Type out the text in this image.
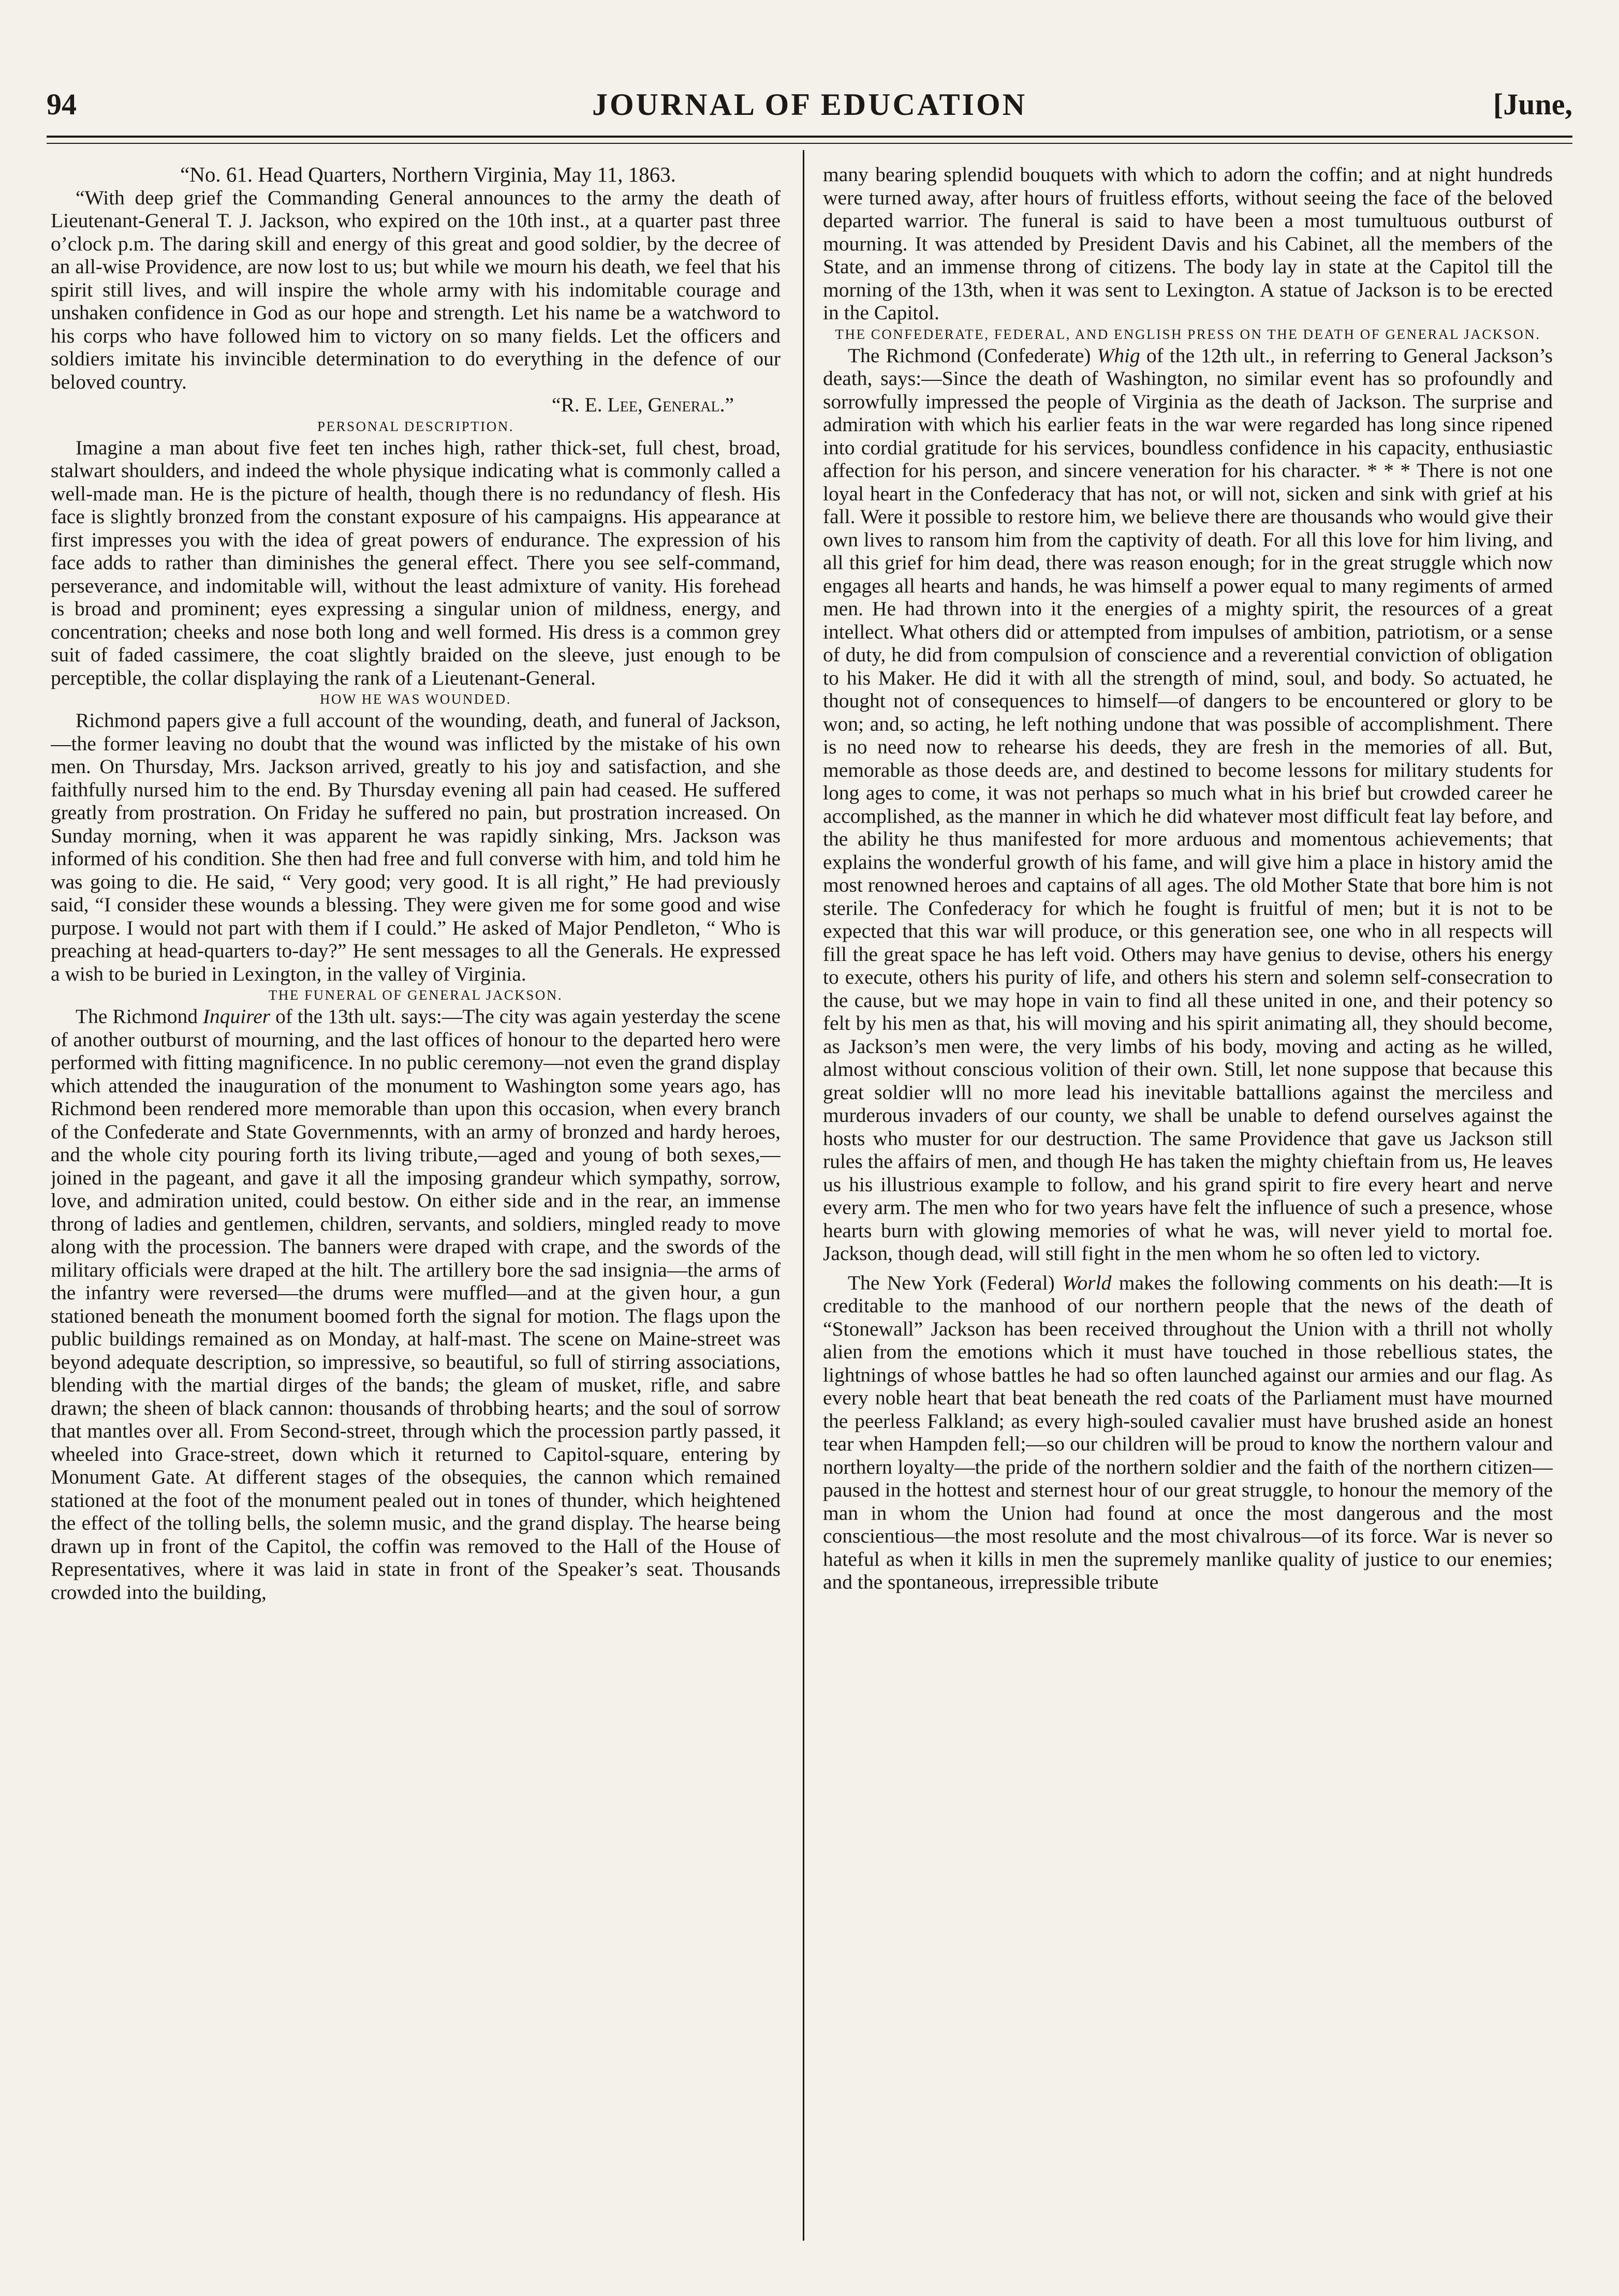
94	JOURNAL OF EDUCATION	[June,

“No. 61. Head Quarters, Northern Virginia, May 11, 1863.

“With deep grief the Commanding General announces to the army the death of Lieutenant-General T. J. Jackson, who expired on the 10th inst., at a quarter past three o’clock p.m. The daring skill and energy of this great and good soldier, by the decree of an all-wise Providence, are now lost to us; but while we mourn his death, we feel that his spirit still lives, and will inspire the whole army with his indomitable courage and unshaken confidence in God as our hope and strength. Let his name be a watchword to his corps who have followed him to victory on so many fields. Let the officers and soldiers imitate his invincible determination to do everything in the defence of our beloved country.

“R. E. Lee, General.”

PERSONAL DESCRIPTION.

Imagine a man about five feet ten inches high, rather thick-set, full chest, broad, stalwart shoulders, and indeed the whole physique indicating what is commonly called a well-made man. He is the picture of health, though there is no redundancy of flesh. His face is slightly bronzed from the constant exposure of his campaigns. His appearance at first impresses you with the idea of great powers of endurance. The expression of his face adds to rather than diminishes the general effect. There you see self-command, perseverance, and indomitable will, without the least admixture of vanity. His forehead is broad and prominent; eyes expressing a singular union of mildness, energy, and concentration; cheeks and nose both long and well formed. His dress is a common grey suit of faded cassimere, the coat slightly braided on the sleeve, just enough to be perceptible, the collar displaying the rank of a Lieutenant-General.

HOW HE WAS WOUNDED.

Richmond papers give a full account of the wounding, death, and funeral of Jackson,—the former leaving no doubt that the wound was inflicted by the mistake of his own men. On Thursday, Mrs. Jackson arrived, greatly to his joy and satisfaction, and she faithfully nursed him to the end. By Thursday evening all pain had ceased. He suffered greatly from prostration. On Friday he suffered no pain, but prostration increased. On Sunday morning, when it was apparent he was rapidly sinking, Mrs. Jackson was informed of his condition. She then had free and full converse with him, and told him he was going to die. He said, “ Very good; very good. It is all right,” He had previously said, “I consider these wounds a blessing. They were given me for some good and wise purpose. I would not part with them if I could.” He asked of Major Pendleton, “ Who is preaching at head-quarters to-day?” He sent messages to all the Generals. He expressed a wish to be buried in Lexington, in the valley of Virginia.

THE FUNERAL OF GENERAL JACKSON.

The Richmond Inquirer of the 13th ult. says:—The city was again yesterday the scene of another outburst of mourning, and the last offices of honour to the departed hero were performed with fitting magnificence. In no public ceremony—not even the grand display which attended the inauguration of the monument to Washington some years ago, has Richmond been rendered more memorable than upon this occasion, when every branch of the Confederate and State Governmennts, with an army of bronzed and hardy heroes, and the whole city pouring forth its living tribute,—aged and young of both sexes,—joined in the pageant, and gave it all the imposing grandeur which sympathy, sorrow, love, and admiration united, could bestow. On either side and in the rear, an immense throng of ladies and gentlemen, children, servants, and soldiers, mingled ready to move along with the procession. The banners were draped with crape, and the swords of the military officials were draped at the hilt. The artillery bore the sad insignia—the arms of the infantry were reversed—the drums were muffled—and at the given hour, a gun stationed beneath the monument boomed forth the signal for motion. The flags upon the public buildings remained as on Monday, at half-mast. The scene on Maine-street was beyond adequate description, so impressive, so beautiful, so full of stirring associations, blending with the martial dirges of the bands; the gleam of musket, rifle, and sabre drawn; the sheen of black cannon: thousands of throbbing hearts; and the soul of sorrow that mantles over all. From Second-street, through which the procession partly passed, it wheeled into Grace-street, down which it returned to Capitol-square, entering by Monument Gate. At different stages of the obsequies, the cannon which remained stationed at the foot of the monument pealed out in tones of thunder, which heightened the effect of the tolling bells, the solemn music, and the grand display. The hearse being drawn up in front of the Capitol, the coffin was removed to the Hall of the House of Representatives, where it was laid in state in front of the Speaker’s seat. Thousands crowded into the building,

many bearing splendid bouquets with which to adorn the coffin; and at night hundreds were turned away, after hours of fruitless efforts, without seeing the face of the beloved departed warrior. The funeral is said to have been a most tumultuous outburst of mourning. It was attended by President Davis and his Cabinet, all the members of the State, and an immense throng of citizens. The body lay in state at the Capitol till the morning of the 13th, when it was sent to Lexington. A statue of Jackson is to be erected in the Capitol.

THE CONFEDERATE, FEDERAL, AND ENGLISH PRESS ON THE DEATH OF GENERAL JACKSON.

The Richmond (Confederate) Whig of the 12th ult., in referring to General Jackson’s death, says:—Since the death of Washington, no similar event has so profoundly and sorrowfully impressed the people of Virginia as the death of Jackson. The surprise and admiration with which his earlier feats in the war were regarded has long since ripened into cordial gratitude for his services, boundless confidence in his capacity, enthusiastic affection for his person, and sincere veneration for his character. * * * There is not one loyal heart in the Confederacy that has not, or will not, sicken and sink with grief at his fall. Were it possible to restore him, we believe there are thousands who would give their own lives to ransom him from the captivity of death. For all this love for him living, and all this grief for him dead, there was reason enough; for in the great struggle which now engages all hearts and hands, he was himself a power equal to many regiments of armed men. He had thrown into it the energies of a mighty spirit, the resources of a great intellect. What others did or attempted from impulses of ambition, patriotism, or a sense of duty, he did from compulsion of conscience and a reverential conviction of obligation to his Maker. He did it with all the strength of mind, soul, and body. So actuated, he thought not of consequences to himself—of dangers to be encountered or glory to be won; and, so acting, he left nothing undone that was possible of accomplishment. There is no need now to rehearse his deeds, they are fresh in the memories of all. But, memorable as those deeds are, and destined to become lessons for military students for long ages to come, it was not perhaps so much what in his brief but crowded career he accomplished, as the manner in which he did whatever most difficult feat lay before, and the ability he thus manifested for more arduous and momentous achievements; that explains the wonderful growth of his fame, and will give him a place in history amid the most renowned heroes and captains of all ages. The old Mother State that bore him is not sterile. The Confederacy for which he fought is fruitful of men; but it is not to be expected that this war will produce, or this generation see, one who in all respects will fill the great space he has left void. Others may have genius to devise, others his energy to execute, others his purity of life, and others his stern and solemn self-consecration to the cause, but we may hope in vain to find all these united in one, and their potency so felt by his men as that, his will moving and his spirit animating all, they should become, as Jackson’s men were, the very limbs of his body, moving and acting as he willed, almost without conscious volition of their own. Still, let none suppose that because this great soldier wlll no more lead his inevitable battallions against the merciless and murderous invaders of our county, we shall be unable to defend ourselves against the hosts who muster for our destruction. The same Providence that gave us Jackson still rules the affairs of men, and though He has taken the mighty chieftain from us, He leaves us his illustrious example to follow, and his grand spirit to fire every heart and nerve every arm. The men who for two years have felt the influence of such a presence, whose hearts burn with glowing memories of what he was, will never yield to mortal foe. Jackson, though dead, will still fight in the men whom he so often led to victory.

The New York (Federal) World makes the following comments on his death:—It is creditable to the manhood of our northern people that the news of the death of “Stonewall” Jackson has been received throughout the Union with a thrill not wholly alien from the emotions which it must have touched in those rebellious states, the lightnings of whose battles he had so often launched against our armies and our flag. As every noble heart that beat beneath the red coats of the Parliament must have mourned the peerless Falkland; as every high-souled cavalier must have brushed aside an honest tear when Hampden fell;—so our children will be proud to know the northern valour and northern loyalty—the pride of the northern soldier and the faith of the northern citizen—paused in the hottest and sternest hour of our great struggle, to honour the memory of the man in whom the Union had found at once the most dangerous and the most conscientious—the most resolute and the most chivalrous—of its force. War is never so hateful as when it kills in men the supremely manlike quality of justice to our enemies; and the spontaneous, irrepressible tribute
